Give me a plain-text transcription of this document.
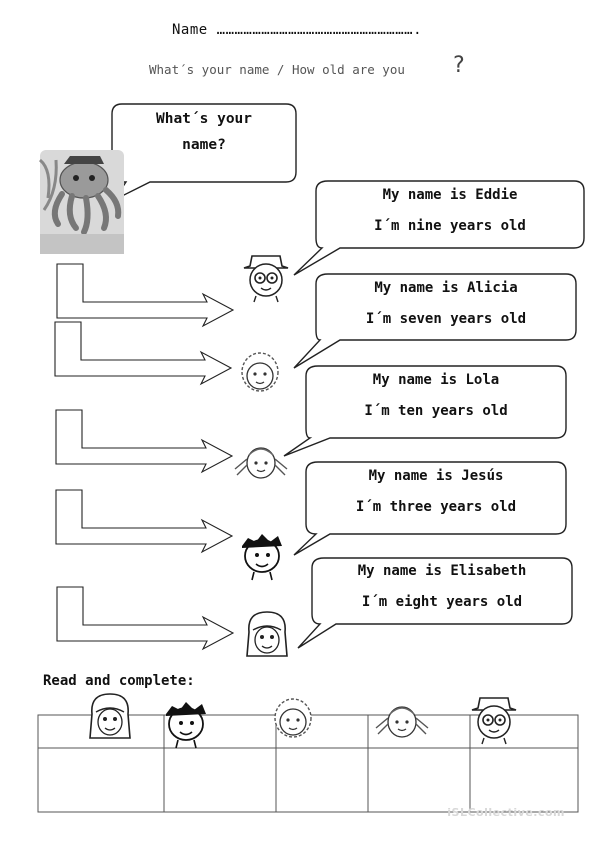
Name ………………………………………………………….
What´s your name / How old are you ?
What´s your
name?
My name is Eddie
I´m nine years old
My name is Alicia
I´m seven years old
My name is Lola
I´m ten years old
My name is Jesús
I´m three years old
My name is Elisabeth
I´m eight years old
Read and complete:
iSLCollective.com
